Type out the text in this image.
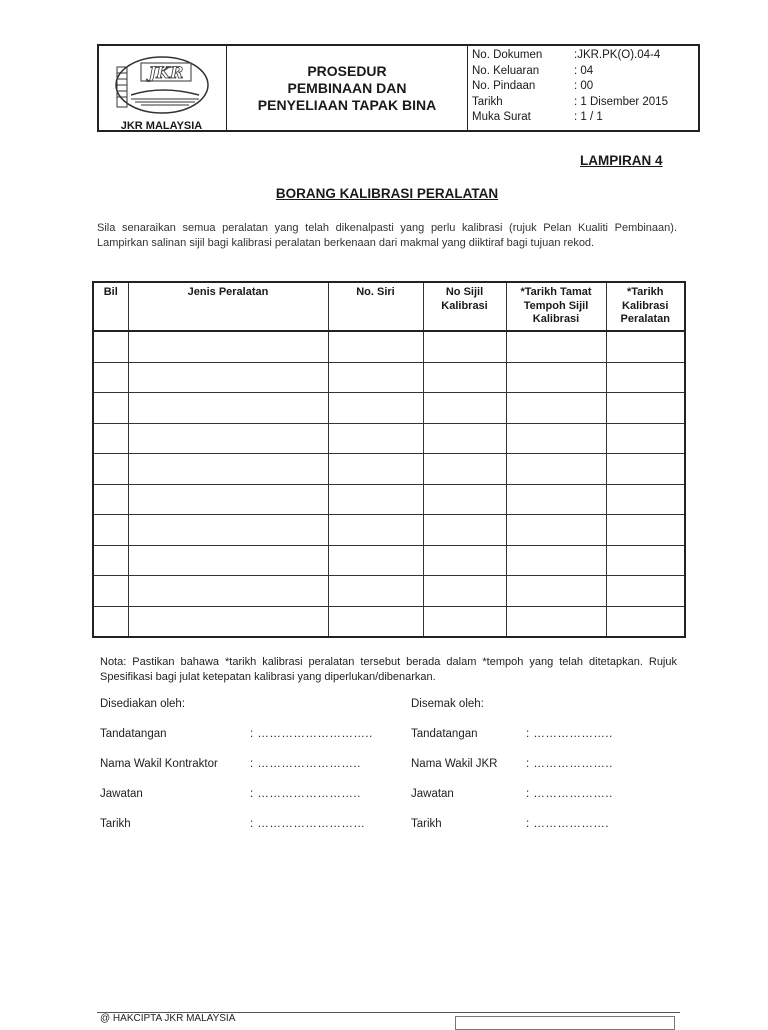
JKR
JKR MALAYSIA
PROSEDUR
PEMBINAAN DAN
PENYELIAAN TAPAK BINA
No. Dokumen	:JKR.PK(O).04-4
No. Keluaran	: 04
No. Pindaan	: 00
Tarikh	: 1 Disember 2015
Muka Surat	: 1 / 1
LAMPIRAN 4
BORANG KALIBRASI PERALATAN
Sila senaraikan semua peralatan yang telah dikenalpasti yang perlu kalibrasi (rujuk Pelan Kualiti Pembinaan). Lampirkan salinan sijil bagi kalibrasi peralatan berkenaan dari makmal yang diiktiraf bagi tujuan rekod.
Bil	Jenis Peralatan	No. Siri	No Sijil Kalibrasi	*Tarikh Tamat Tempoh Sijil Kalibrasi	*Tarikh Kalibrasi Peralatan

Nota: Pastikan bahawa *tarikh kalibrasi peralatan tersebut berada dalam *tempoh yang telah ditetapkan. Rujuk Spesifikasi bagi julat ketepatan kalibrasi yang diperlukan/dibenarkan.
Disediakan oleh:	Disemak oleh:
Tandatangan	: ………………………..	Tandatangan	: ………………..
Nama Wakil Kontraktor	: ……………………..	Nama Wakil JKR : ………………..
Jawatan	: ……………………..	Jawatan	: ………………..
Tarikh	: ………………………	Tarikh	: ……………….
@ HAKCIPTA JKR MALAYSIA
